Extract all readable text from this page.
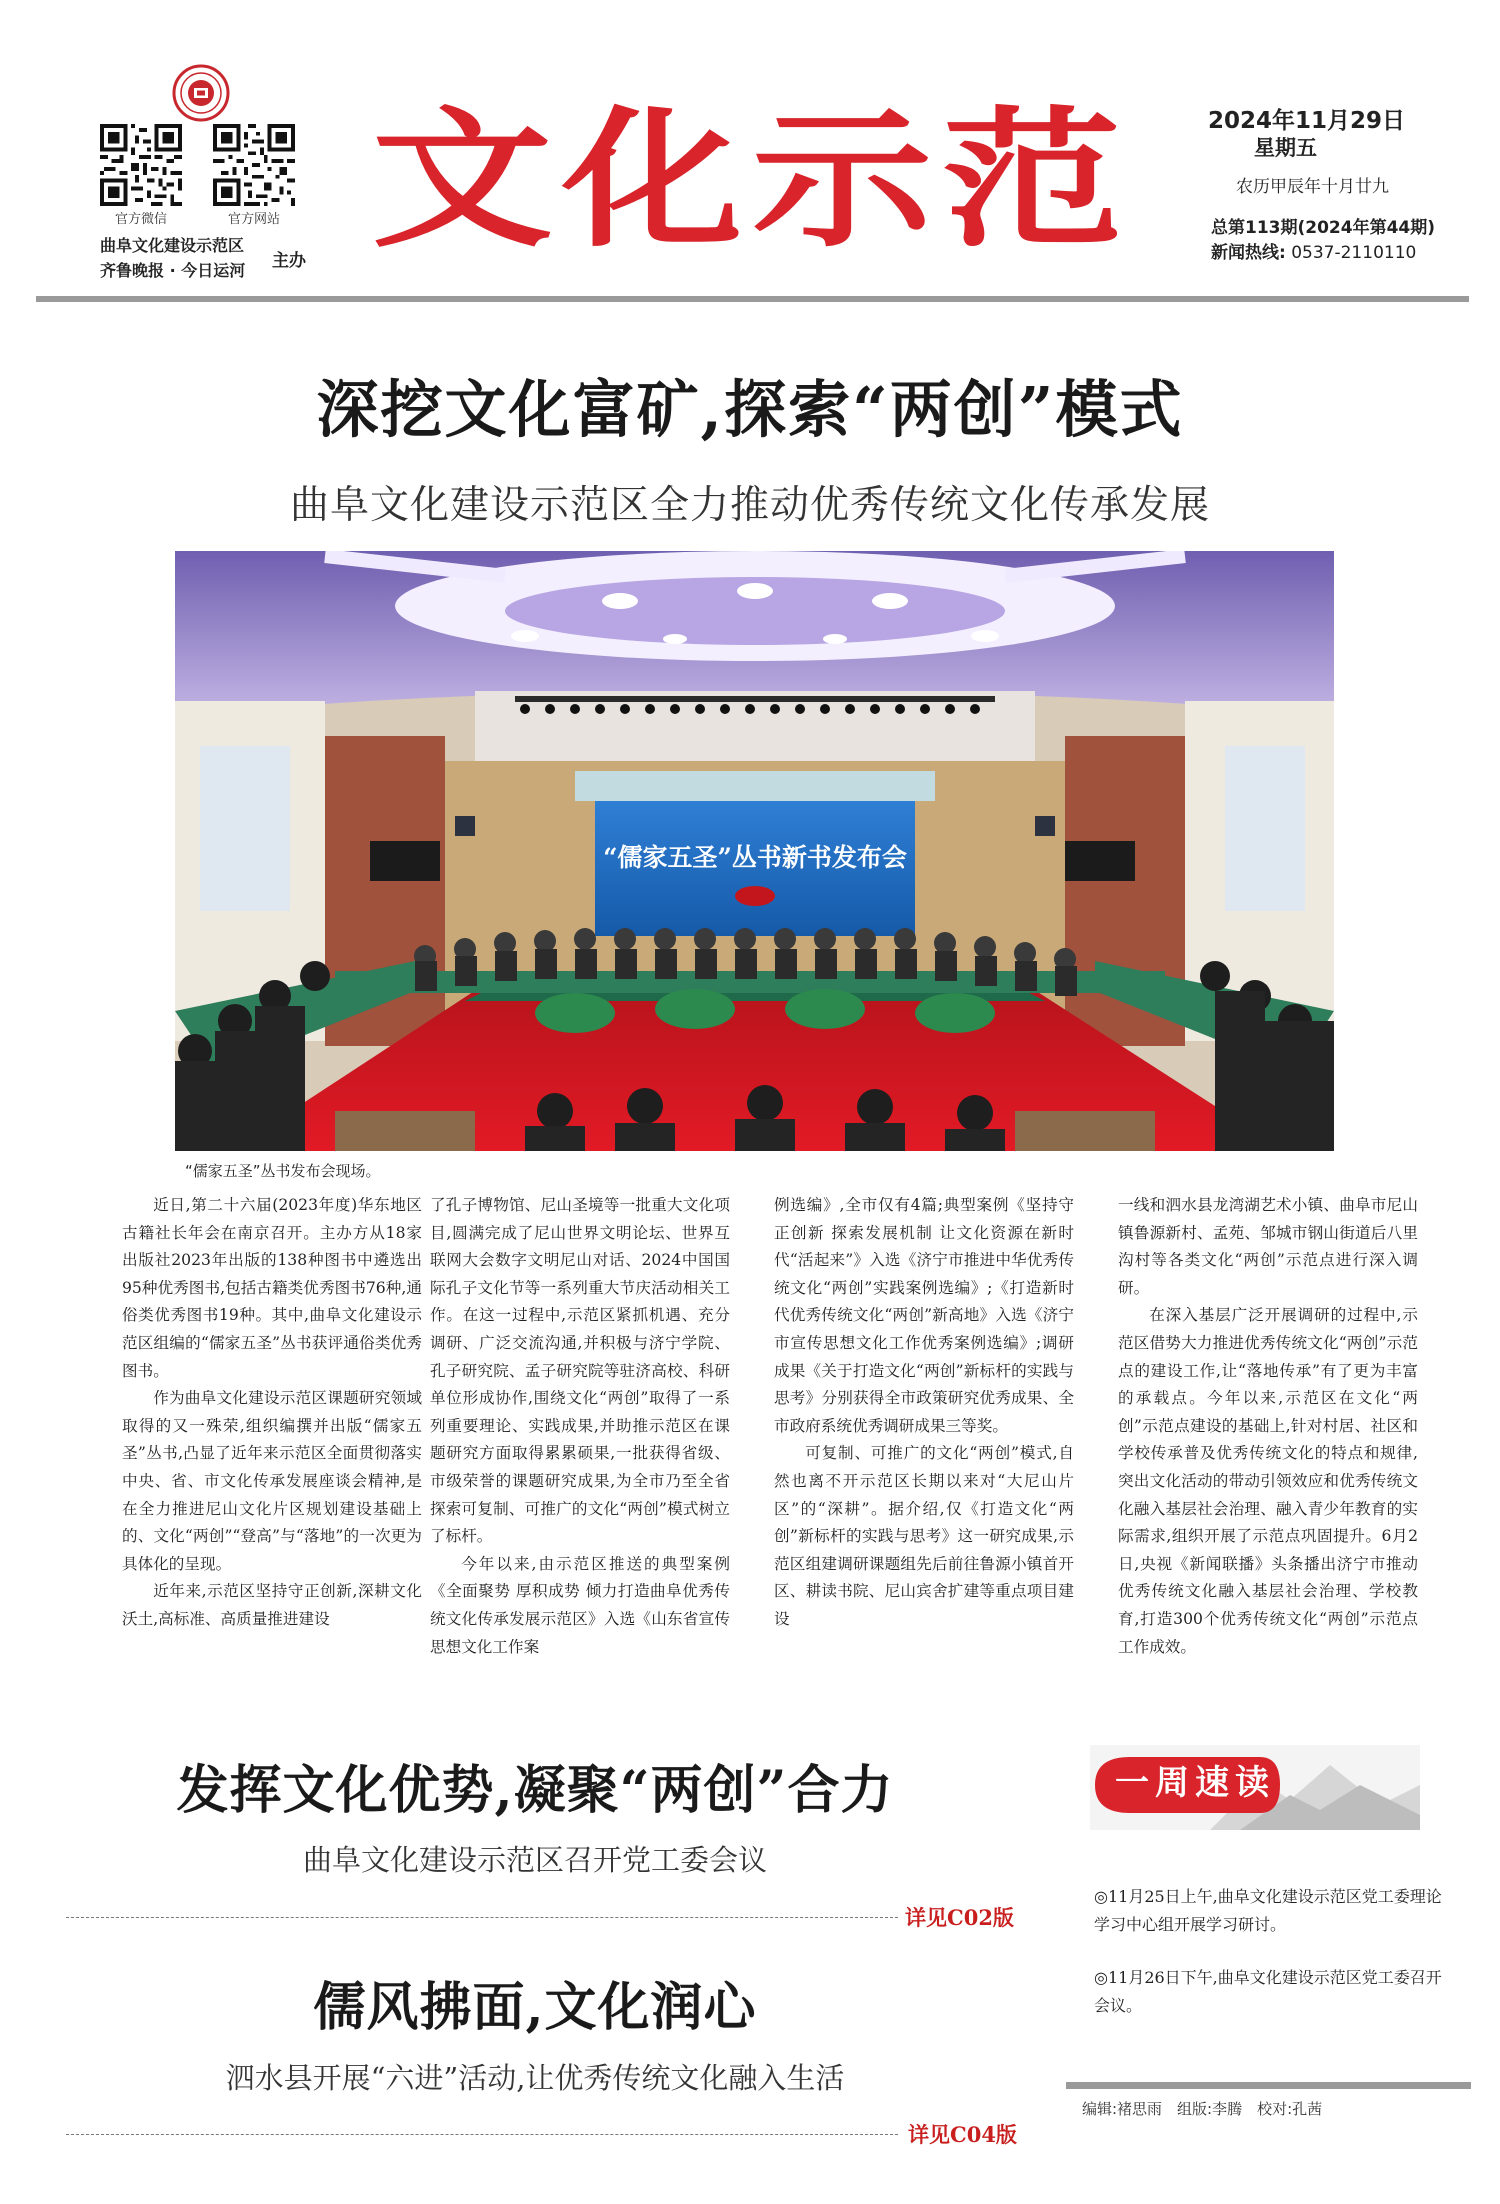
官方微信	官方网站
曲阜文化建设示范区
齐鲁晚报 · 今日运河 主办 文化示范	2024年11月29日
星期五
农历甲辰年十月廿九
总第113期(2024年第44期)
新闻热线: 0537-2110110
深挖文化富矿,探索“两创”模式
曲阜文化建设示范区全力推动优秀传统文化传承发展
“儒家五圣”丛书新书发布会
“儒家五圣”丛书发布会现场。

近日,第二十六届(2023年度)华东地区古籍社长年会在南京召开。主办方从18家出版社2023年出版的138种图书中遴选出95种优秀图书,包括古籍类优秀图书76种,通俗类优秀图书19种。其中,曲阜文化建设示范区组编的“儒家五圣”丛书获评通俗类优秀图书。

作为曲阜文化建设示范区课题研究领域取得的又一殊荣,组织编撰并出版“儒家五圣”丛书,凸显了近年来示范区全面贯彻落实中央、省、市文化传承发展座谈会精神,是在全力推进尼山文化片区规划建设基础上的、文化“两创”“登高”与“落地”的一次更为具体化的呈现。

近年来,示范区坚持守正创新,深耕文化沃土,高标准、高质量推进建设

了孔子博物馆、尼山圣境等一批重大文化项目,圆满完成了尼山世界文明论坛、世界互联网大会数字文明尼山对话、2024中国国际孔子文化节等一系列重大节庆活动相关工作。在这一过程中,示范区紧抓机遇、充分调研、广泛交流沟通,并积极与济宁学院、孔子研究院、孟子研究院等驻济高校、科研单位形成协作,围绕文化“两创”取得了一系列重要理论、实践成果,并助推示范区在课题研究方面取得累累硕果,一批获得省级、市级荣誉的课题研究成果,为全市乃至全省探索可复制、可推广的文化“两创”模式树立了标杆。

今年以来,由示范区推送的典型案例《全面聚势 厚积成势 倾力打造曲阜优秀传统文化传承发展示范区》入选《山东省宣传思想文化工作案

例选编》,全市仅有4篇;典型案例《坚持守正创新 探索发展机制 让文化资源在新时代“活起来”》入选《济宁市推进中华优秀传统文化“两创”实践案例选编》;《打造新时代优秀传统文化“两创”新高地》入选《济宁市宣传思想文化工作优秀案例选编》;调研成果《关于打造文化“两创”新标杆的实践与思考》分别获得全市政策研究优秀成果、全市政府系统优秀调研成果三等奖。

可复制、可推广的文化“两创”模式,自然也离不开示范区长期以来对“大尼山片区”的“深耕”。据介绍,仅《打造文化“两创”新标杆的实践与思考》这一研究成果,示范区组建调研课题组先后前往鲁源小镇首开区、耕读书院、尼山宾舍扩建等重点项目建设

一线和泗水县龙湾湖艺术小镇、曲阜市尼山镇鲁源新村、孟苑、邹城市钢山街道后八里沟村等各类文化“两创”示范点进行深入调研。

在深入基层广泛开展调研的过程中,示范区借势大力推进优秀传统文化“两创”示范点的建设工作,让“落地传承”有了更为丰富的承载点。今年以来,示范区在文化“两创”示范点建设的基础上,针对村居、社区和学校传承普及优秀传统文化的特点和规律,突出文化活动的带动引领效应和优秀传统文化融入基层社会治理、融入青少年教育的实际需求,组织开展了示范点巩固提升。6月2日,央视《新闻联播》头条播出济宁市推动优秀传统文化融入基层社会治理、学校教育,打造300个优秀传统文化“两创”示范点工作成效。

发挥文化优势,凝聚“两创”合力
曲阜文化建设示范区召开党工委会议
详见C02版
儒风拂面,文化润心
泗水县开展“六进”活动,让优秀传统文化融入生活
详见C04版
一周速读
◎11月25日上午,曲阜文化建设示范区党工委理论学习中心组开展学习研讨。
◎11月26日下午,曲阜文化建设示范区党工委召开会议。
编辑:褚思雨　组版:李腾　校对:孔茜
